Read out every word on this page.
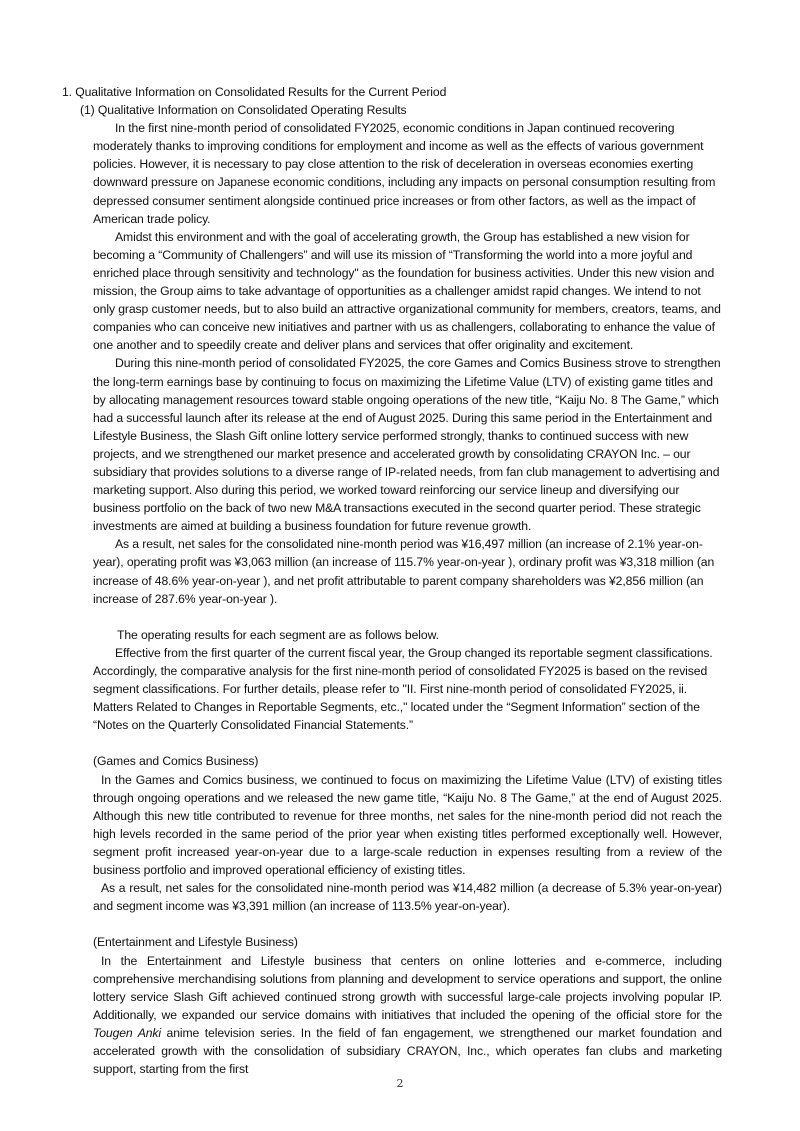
1. Qualitative Information on Consolidated Results for the Current Period

(1) Qualitative Information on Consolidated Operating Results

In the first nine-month period of consolidated FY2025, economic conditions in Japan continued recovering moderately thanks to improving conditions for employment and income as well as the effects of various government policies. However, it is necessary to pay close attention to the risk of deceleration in overseas economies exerting downward pressure on Japanese economic conditions, including any impacts on personal consumption resulting from depressed consumer sentiment alongside continued price increases or from other factors, as well as the impact of American trade policy.

Amidst this environment and with the goal of accelerating growth, the Group has established a new vision for becoming a “Community of Challengers” and will use its mission of “Transforming the world into a more joyful and enriched place through sensitivity and technology" as the foundation for business activities. Under this new vision and mission, the Group aims to take advantage of opportunities as a challenger amidst rapid changes. We intend to not only grasp customer needs, but to also build an attractive organizational community for members, creators, teams, and companies who can conceive new initiatives and partner with us as challengers, collaborating to enhance the value of one another and to speedily create and deliver plans and services that offer originality and excitement.

During this nine-month period of consolidated FY2025, the core Games and Comics Business strove to strengthen the long-term earnings base by continuing to focus on maximizing the Lifetime Value (LTV) of existing game titles and by allocating management resources toward stable ongoing operations of the new title, “Kaiju No. 8 The Game,” which had a successful launch after its release at the end of August 2025. During this same period in the Entertainment and Lifestyle Business, the Slash Gift online lottery service performed strongly, thanks to continued success with new projects, and we strengthened our market presence and accelerated growth by consolidating CRAYON Inc. – our subsidiary that provides solutions to a diverse range of IP-related needs, from fan club management to advertising and marketing support. Also during this period, we worked toward reinforcing our service lineup and diversifying our business portfolio on the back of two new M&A transactions executed in the second quarter period. These strategic investments are aimed at building a business foundation for future revenue growth.

As a result, net sales for the consolidated nine-month period was ¥16,497 million (an increase of 2.1% year-on-year), operating profit was ¥3,063 million (an increase of 115.7% year-on-year ), ordinary profit was ¥3,318 million (an increase of 48.6% year-on-year ), and net profit attributable to parent company shareholders was ¥2,856 million (an increase of 287.6% year-on-year ).

The operating results for each segment are as follows below.

Effective from the first quarter of the current fiscal year, the Group changed its reportable segment classifications. Accordingly, the comparative analysis for the first nine-month period of consolidated FY2025 is based on the revised segment classifications. For further details, please refer to "II. First nine-month period of consolidated FY2025, ii. Matters Related to Changes in Reportable Segments, etc.," located under the “Segment Information” section of the “Notes on the Quarterly Consolidated Financial Statements.”

(Games and Comics Business)

In the Games and Comics business, we continued to focus on maximizing the Lifetime Value (LTV) of existing titles through ongoing operations and we released the new game title, “Kaiju No. 8 The Game,” at the end of August 2025. Although this new title contributed to revenue for three months, net sales for the nine-month period did not reach the high levels recorded in the same period of the prior year when existing titles performed exceptionally well. However, segment profit increased year-on-year due to a large-scale reduction in expenses resulting from a review of the business portfolio and improved operational efficiency of existing titles.

As a result, net sales for the consolidated nine-month period was ¥14,482 million (a decrease of 5.3% year-on-year) and segment income was ¥3,391 million (an increase of 113.5% year-on-year).

(Entertainment and Lifestyle Business)

In the Entertainment and Lifestyle business that centers on online lotteries and e-commerce, including comprehensive merchandising solutions from planning and development to service operations and support, the online lottery service Slash Gift achieved continued strong growth with successful large-cale projects involving popular IP. Additionally, we expanded our service domains with initiatives that included the opening of the official store for the Tougen Anki anime television series. In the field of fan engagement, we strengthened our market foundation and accelerated growth with the consolidation of subsidiary CRAYON, Inc., which operates fan clubs and marketing support, starting from the first

2
